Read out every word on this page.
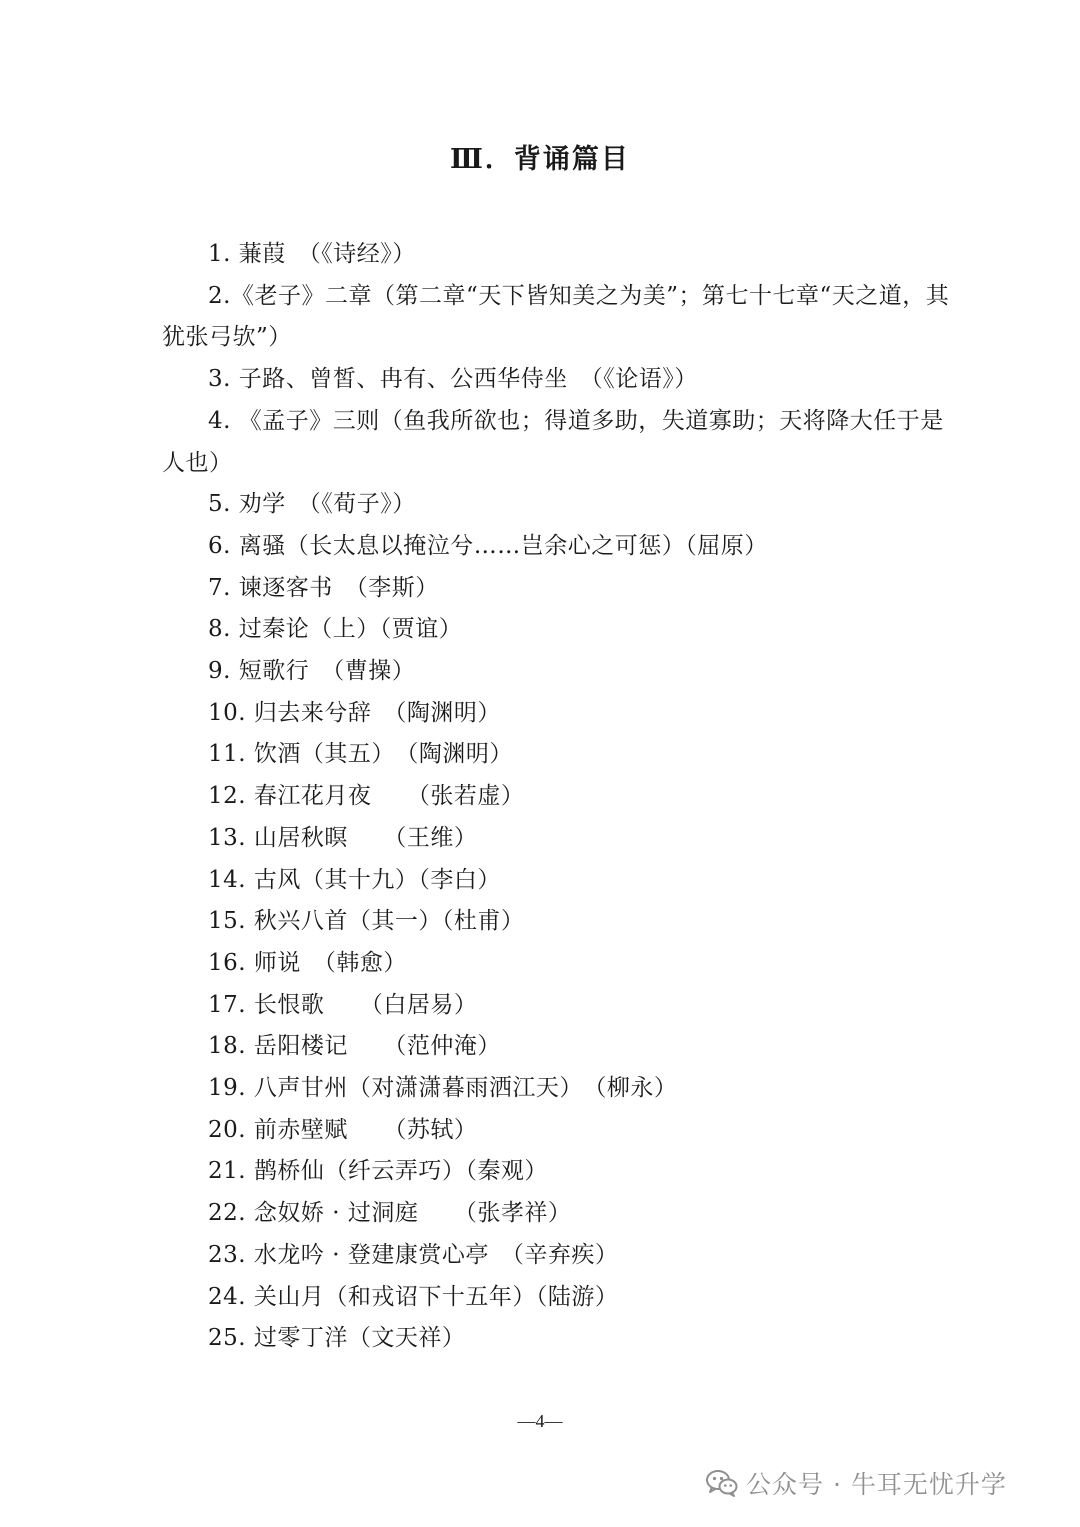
Ⅲ．背诵篇目
1. 蒹葭　（《诗经》）
2.《老子》二章（第二章“天下皆知美之为美”；第七十七章“天之道，其犹张弓欤”）
3. 子路、曾皙、冉有、公西华侍坐　（《论语》）
4. 《孟子》三则（鱼我所欲也；得道多助，失道寡助；天将降大任于是人也）
5. 劝学　（《荀子》）
6. 离骚（长太息以掩泣兮……岂余心之可惩）（屈原）
7. 谏逐客书　（李斯）
8. 过秦论（上）（贾谊）
9. 短歌行　（曹操）
10. 归去来兮辞　（陶渊明）
11. 饮酒（其五）　（陶渊明）
12. 春江花月夜　　（张若虚）
13. 山居秋暝　　（王维）
14. 古风（其十九）（李白）
15. 秋兴八首（其一）（杜甫）
16. 师说　（韩愈）
17. 长恨歌　　（白居易）
18. 岳阳楼记　　（范仲淹）
19. 八声甘州（对潇潇暮雨洒江天）　（柳永）
20. 前赤壁赋　　（苏轼）
21. 鹊桥仙（纤云弄巧）（秦观）
22. 念奴娇 · 过洞庭　　（张孝祥）
23. 水龙吟 · 登建康赏心亭　（辛弃疾）
24. 关山月（和戎诏下十五年）（陆游）
25. 过零丁洋（文天祥）
—4—
公众号 · 牛耳无忧升学
